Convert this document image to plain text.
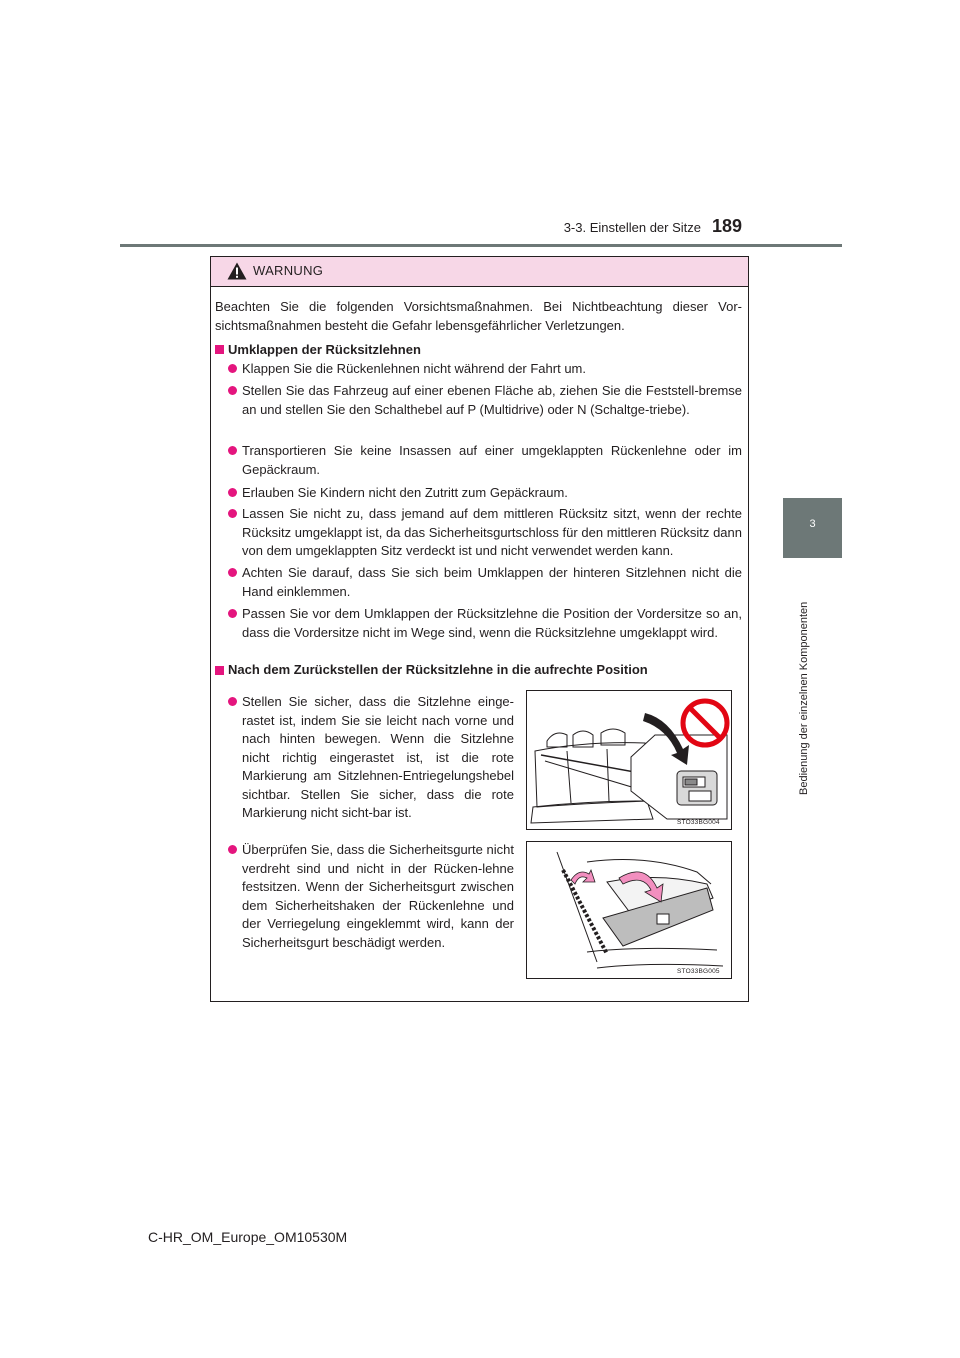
3-3. Einstellen der Sitze 189
3
Bedienung der einzelnen Komponenten
WARNUNG
Beachten Sie die folgenden Vorsichtsmaßnahmen. Bei Nichtbeachtung dieser Vor-sichtsmaßnahmen besteht die Gefahr lebensgefährlicher Verletzungen.
Umklappen der Rücksitzlehnen
Klappen Sie die Rückenlehnen nicht während der Fahrt um.
Stellen Sie das Fahrzeug auf einer ebenen Fläche ab, ziehen Sie die Feststell-bremse an und stellen Sie den Schalthebel auf P (Multidrive) oder N (Schaltge-triebe).
Transportieren Sie keine Insassen auf einer umgeklappten Rückenlehne oder im Gepäckraum.
Erlauben Sie Kindern nicht den Zutritt zum Gepäckraum.
Lassen Sie nicht zu, dass jemand auf dem mittleren Rücksitz sitzt, wenn der rechte Rücksitz umgeklappt ist, da das Sicherheitsgurtschloss für den mittleren Rücksitz dann von dem umgeklappten Sitz verdeckt ist und nicht verwendet werden kann.
Achten Sie darauf, dass Sie sich beim Umklappen der hinteren Sitzlehnen nicht die Hand einklemmen.
Passen Sie vor dem Umklappen der Rücksitzlehne die Position der Vordersitze so an, dass die Vordersitze nicht im Wege sind, wenn die Rücksitzlehne umgeklappt wird.
Nach dem Zurückstellen der Rücksitzlehne in die aufrechte Position
Stellen Sie sicher, dass die Sitzlehne einge-rastet ist, indem Sie sie leicht nach vorne und nach hinten bewegen. Wenn die Sitzlehne nicht richtig eingerastet ist, ist die rote Markierung am Sitzlehnen-Entriegelungshebel sichtbar. Stellen Sie sicher, dass die rote Markierung nicht sicht-bar ist.
Überprüfen Sie, dass die Sicherheitsgurte nicht verdreht sind und nicht in der Rücken-lehne festsitzen. Wenn der Sicherheitsgurt zwischen dem Sicherheitshaken der Rückenlehne und der Verriegelung eingeklemmt wird, kann der Sicherheitsgurt beschädigt werden.
STO33BG004
STO33BG005
C-HR_OM_Europe_OM10530M
